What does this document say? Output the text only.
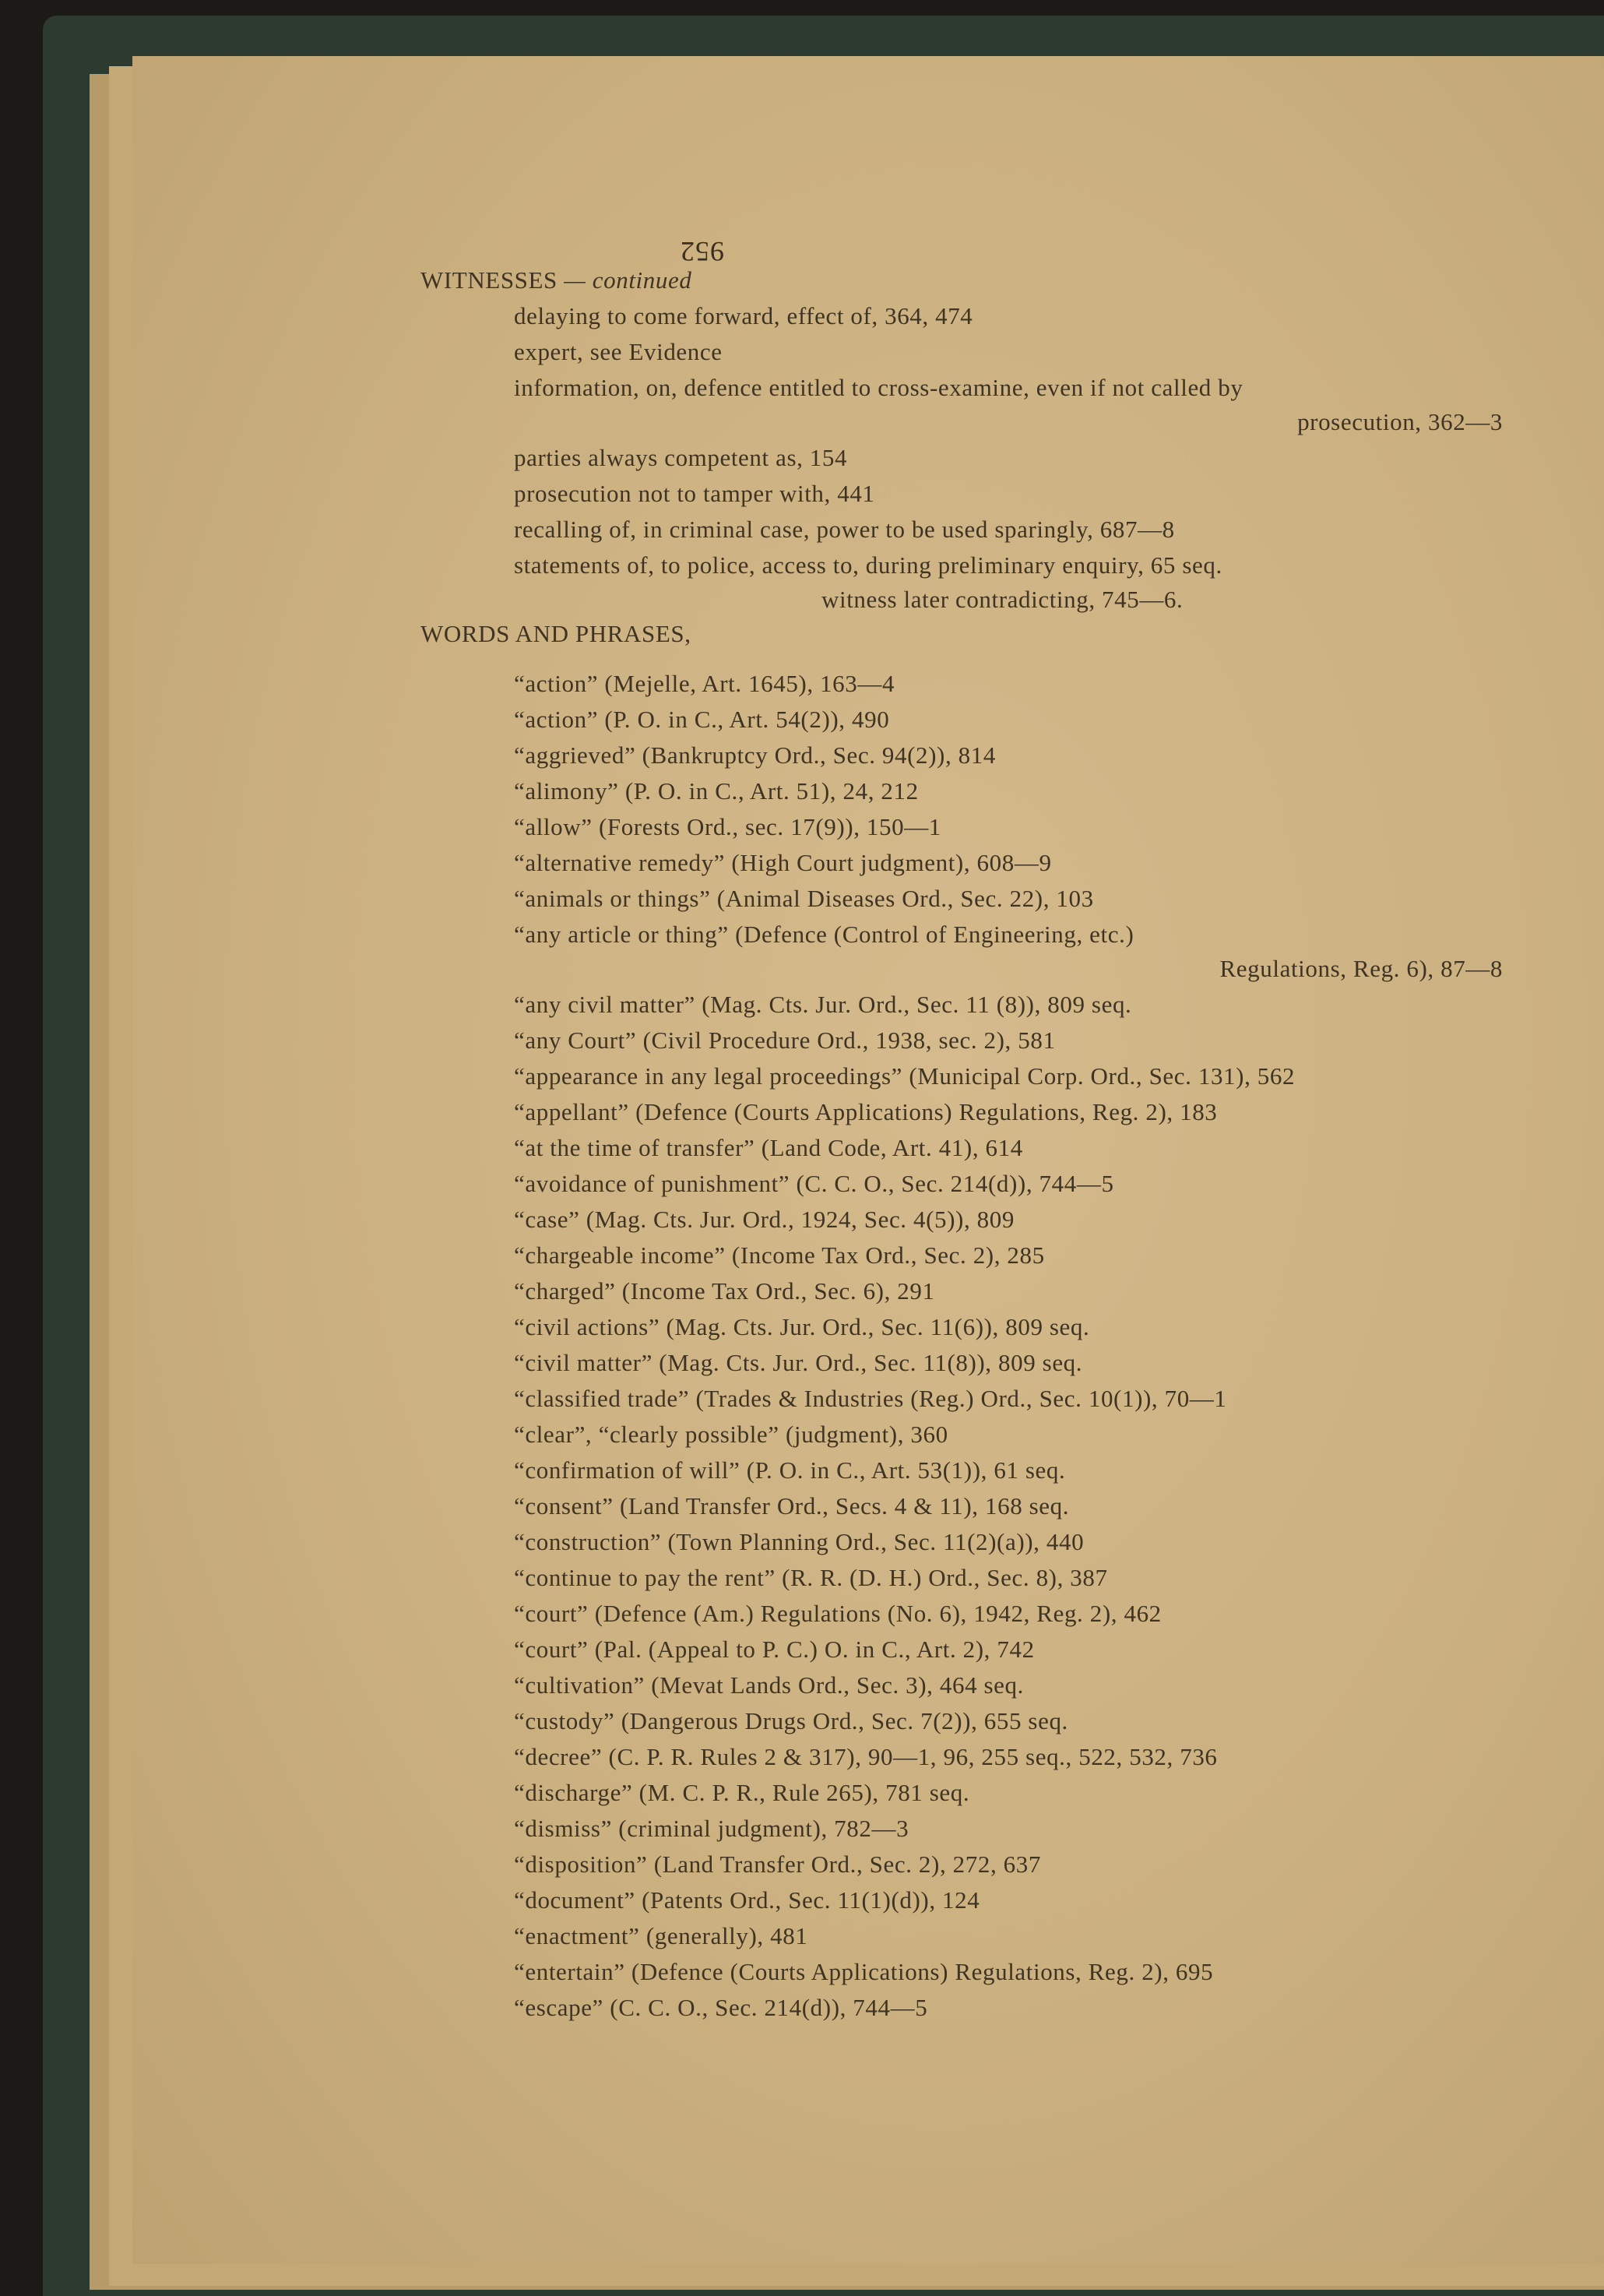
952
WITNESSES — continued
delaying to come forward, effect of, 364, 474
expert, see Evidence
information, on, defence entitled to cross-examine, even if not called by
prosecution, 362—3
parties always competent as, 154
prosecution not to tamper with, 441
recalling of, in criminal case, power to be used sparingly, 687—8
statements of, to police, access to, during preliminary enquiry, 65 seq.
witness later contradicting, 745—6.
WORDS AND PHRASES,
“action” (Mejelle, Art. 1645), 163—4
“action” (P. O. in C., Art. 54(2)), 490
“aggrieved” (Bankruptcy Ord., Sec. 94(2)), 814
“alimony” (P. O. in C., Art. 51), 24, 212
“allow” (Forests Ord., sec. 17(9)), 150—1
“alternative remedy” (High Court judgment), 608—9
“animals or things” (Animal Diseases Ord., Sec. 22), 103
“any article or thing” (Defence (Control of Engineering, etc.)
Regulations, Reg. 6), 87—8
“any civil matter” (Mag. Cts. Jur. Ord., Sec. 11 (8)), 809 seq.
“any Court” (Civil Procedure Ord., 1938, sec. 2), 581
“appearance in any legal proceedings” (Municipal Corp. Ord., Sec. 131), 562
“appellant” (Defence (Courts Applications) Regulations, Reg. 2), 183
“at the time of transfer” (Land Code, Art. 41), 614
“avoidance of punishment” (C. C. O., Sec. 214(d)), 744—5
“case” (Mag. Cts. Jur. Ord., 1924, Sec. 4(5)), 809
“chargeable income” (Income Tax Ord., Sec. 2), 285
“charged” (Income Tax Ord., Sec. 6), 291
“civil actions” (Mag. Cts. Jur. Ord., Sec. 11(6)), 809 seq.
“civil matter” (Mag. Cts. Jur. Ord., Sec. 11(8)), 809 seq.
“classified trade” (Trades & Industries (Reg.) Ord., Sec. 10(1)), 70—1
“clear”, “clearly possible” (judgment), 360
“confirmation of will” (P. O. in C., Art. 53(1)), 61 seq.
“consent” (Land Transfer Ord., Secs. 4 & 11), 168 seq.
“construction” (Town Planning Ord., Sec. 11(2)(a)), 440
“continue to pay the rent” (R. R. (D. H.) Ord., Sec. 8), 387
“court” (Defence (Am.) Regulations (No. 6), 1942, Reg. 2), 462
“court” (Pal. (Appeal to P. C.) O. in C., Art. 2), 742
“cultivation” (Mevat Lands Ord., Sec. 3), 464 seq.
“custody” (Dangerous Drugs Ord., Sec. 7(2)), 655 seq.
“decree” (C. P. R. Rules 2 & 317), 90—1, 96, 255 seq., 522, 532, 736
“discharge” (M. C. P. R., Rule 265), 781 seq.
“dismiss” (criminal judgment), 782—3
“disposition” (Land Transfer Ord., Sec. 2), 272, 637
“document” (Patents Ord., Sec. 11(1)(d)), 124
“enactment” (generally), 481
“entertain” (Defence (Courts Applications) Regulations, Reg. 2), 695
“escape” (C. C. O., Sec. 214(d)), 744—5
